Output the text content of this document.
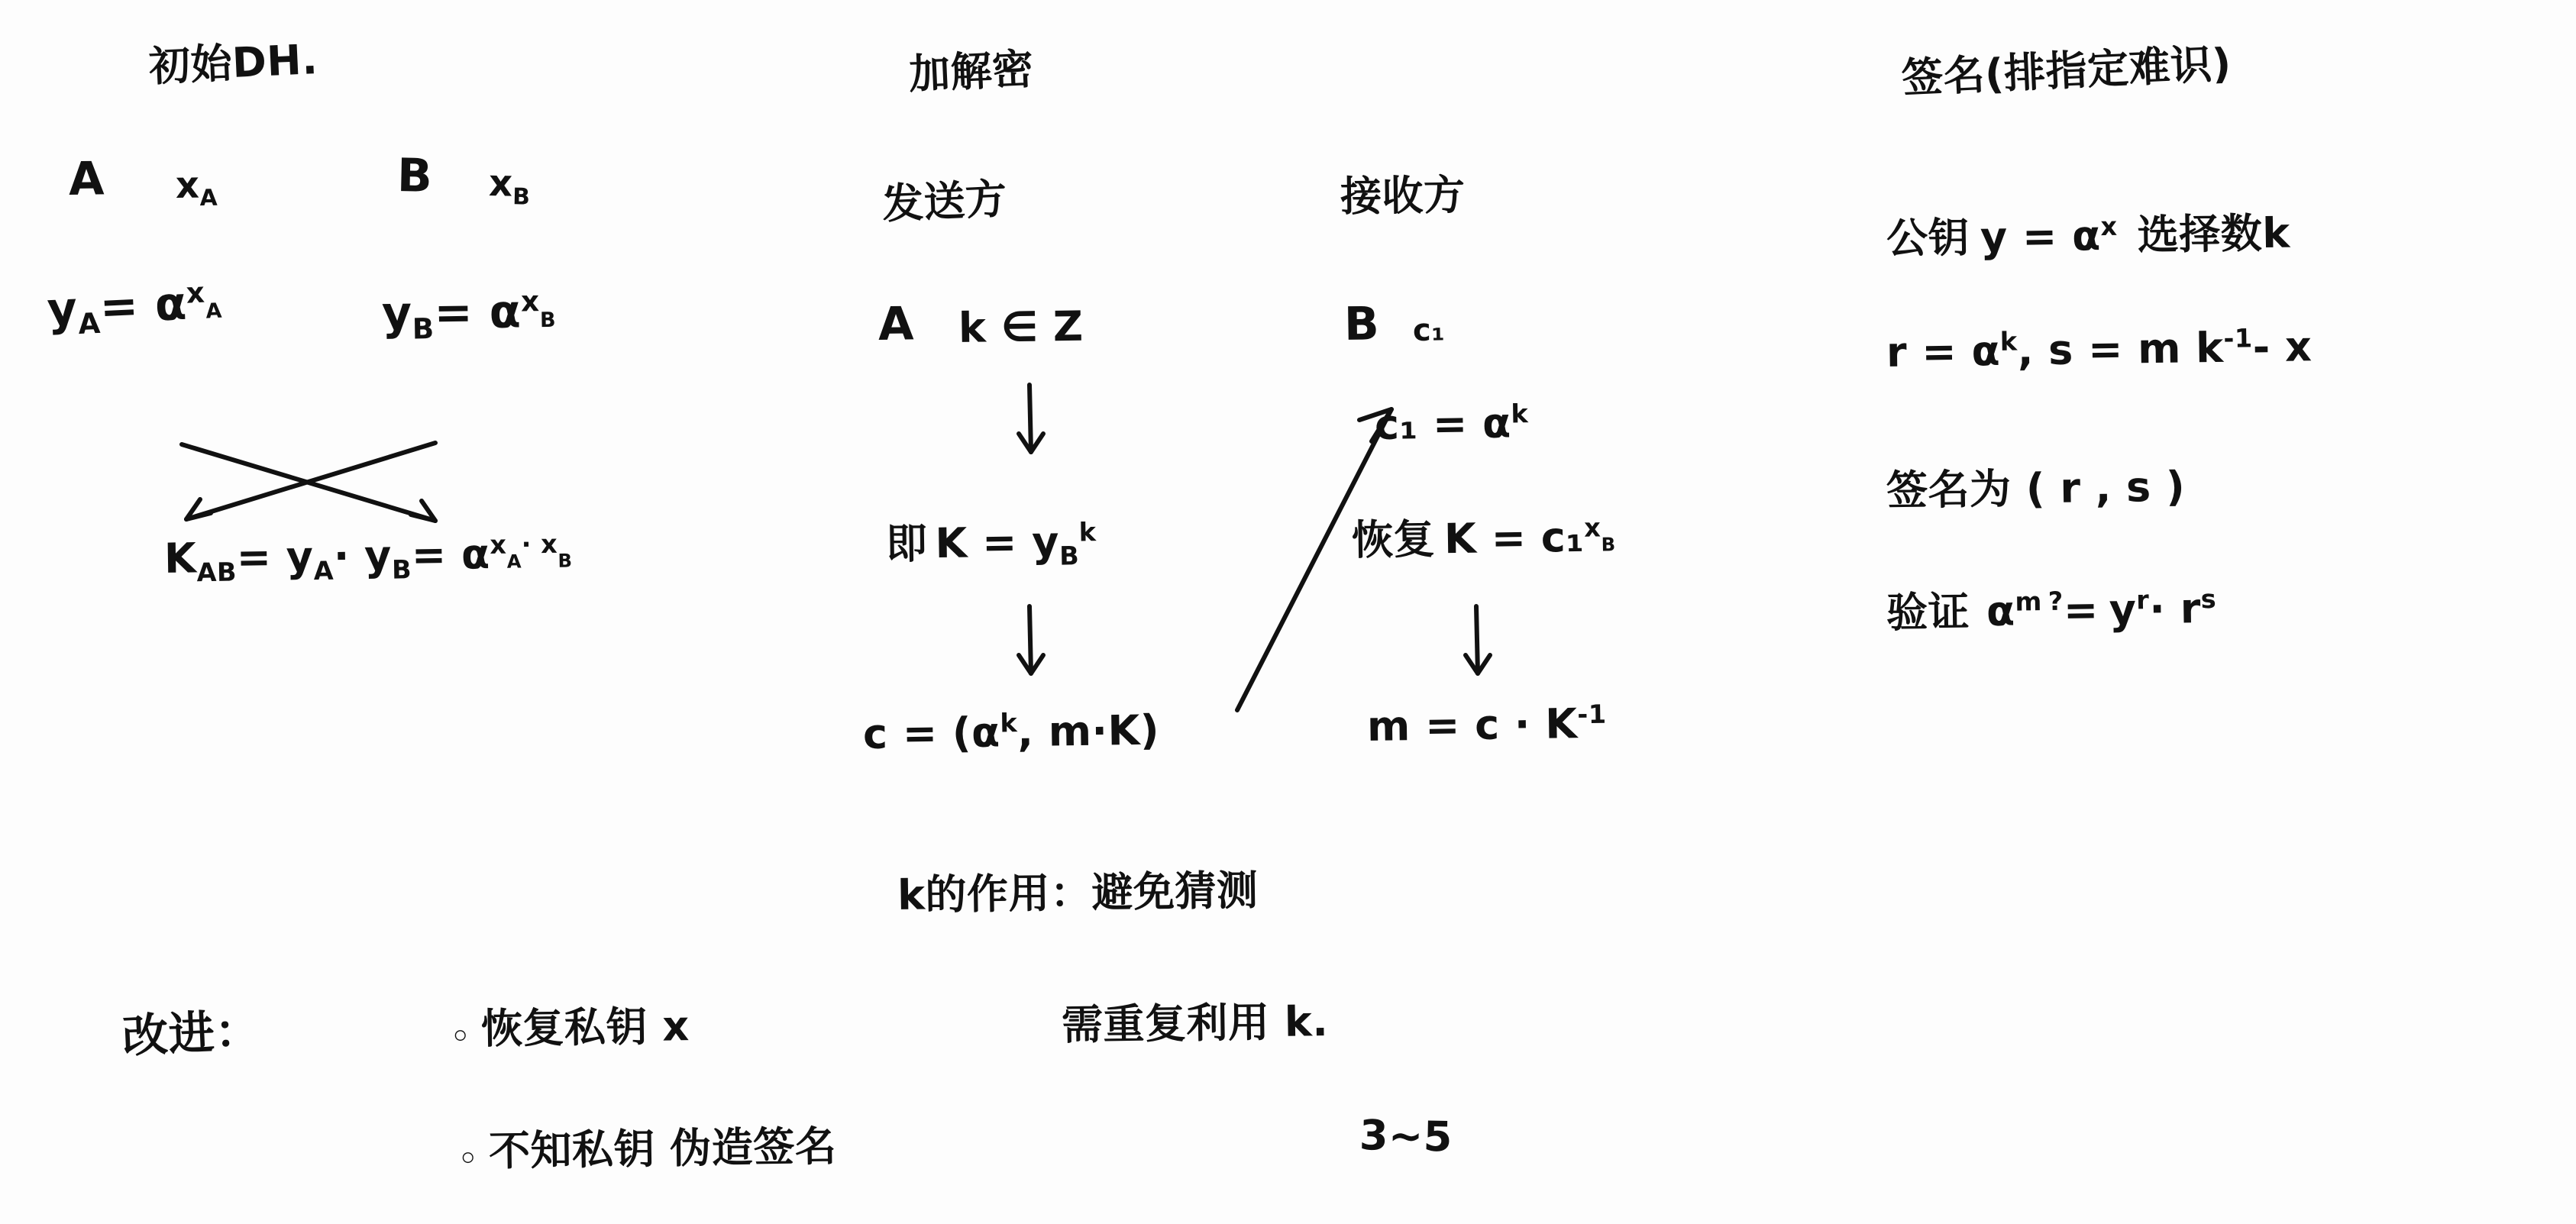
初始DH.
A $x_A$	B $x_B$
$y_A= \alpha^xA$	$y_B= \alpha^xB$
$K_{AB}= y_A\cdot y_B= \alpha^xA^{\cdot x}B$
加解密
发送方	接收方
A k ∈ Z
即 $K = y_B^k$
$c = (\alpha^k$, m·K)
B c₁
$c_1 = \alpha^k$
恢复 K = c₁$^x$B
$m = c \cdot K^{-1}$
k的作用：避免猜测
签名(排指定难识)
公钥 $y = \alpha^x$ 选择数k
$r = \alpha^k$, s = m $k^{-1}-$ x
签名为 ( r , s )
验证 $\alpha^m$ $^?= y^r\cdot r^s$
改进：	◦ 恢复私钥 x	需重复利用 k.
◦ 不知私钥 伪造签名	3~5
